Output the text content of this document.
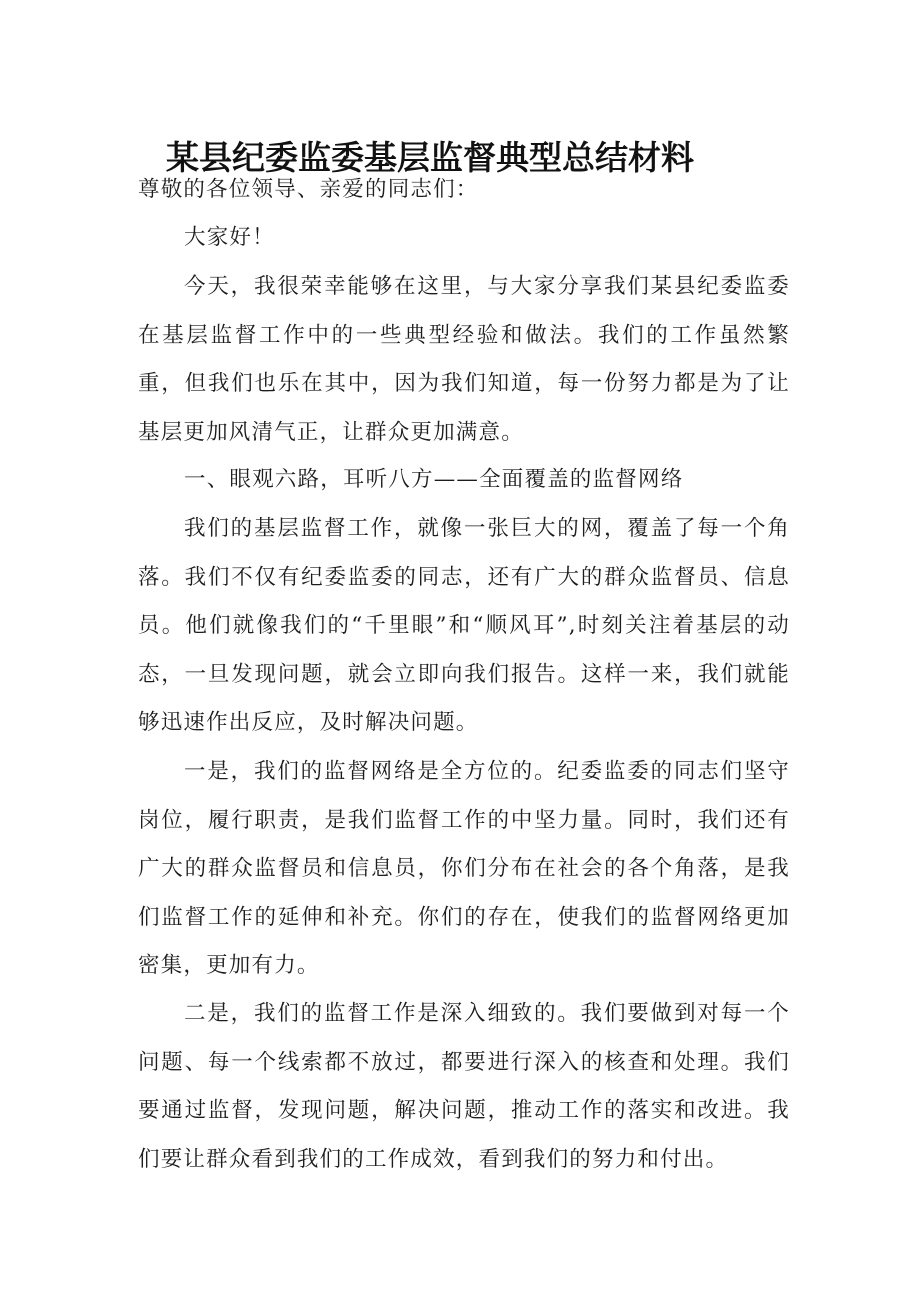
某县纪委监委基层监督典型总结材料

尊敬的各位领导、亲爱的同志们：

大家好！

今天，我很荣幸能够在这里，与大家分享我们某县纪委监委在基层监督工作中的一些典型经验和做法。我们的工作虽然繁重，但我们也乐在其中，因为我们知道，每一份努力都是为了让基层更加风清气正，让群众更加满意。

一、眼观六路，耳听八方——全面覆盖的监督网络

我们的基层监督工作，就像一张巨大的网，覆盖了每一个角落。我们不仅有纪委监委的同志，还有广大的群众监督员、信息员。他们就像我们的“千里眼”和“顺风耳”,时刻关注着基层的动态，一旦发现问题，就会立即向我们报告。这样一来，我们就能够迅速作出反应，及时解决问题。

一是，我们的监督网络是全方位的。纪委监委的同志们坚守岗位，履行职责，是我们监督工作的中坚力量。同时，我们还有广大的群众监督员和信息员，你们分布在社会的各个角落，是我们监督工作的延伸和补充。你们的存在，使我们的监督网络更加密集，更加有力。

二是，我们的监督工作是深入细致的。我们要做到对每一个问题、每一个线索都不放过，都要进行深入的核查和处理。我们要通过监督，发现问题，解决问题，推动工作的落实和改进。我们要让群众看到我们的工作成效，看到我们的努力和付出。
